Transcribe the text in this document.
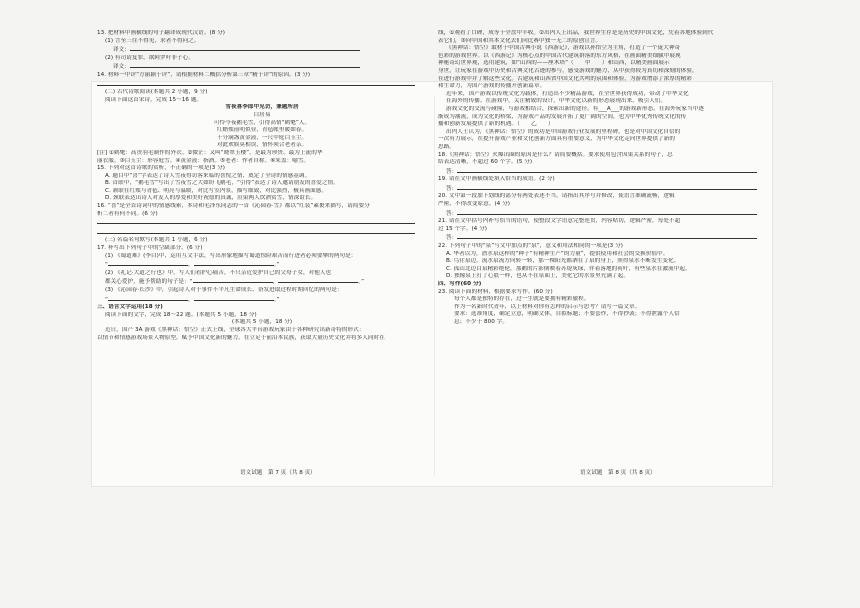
13. 把材料中画横线的句子翻译成现代汉语。(8 分)
(1) 言至三往不得见，求者不得问之。
译文：
(2) 有司请复罪，欲阿罗叶非子心。
译文：
14. 材料一中评“方丽颖于评”，请根据材料二概括分析第三章“精于评”的原因。(3 分)
(二) 古代诗歌阅读(本题共 2 小题，9 分)
阅读下面这首宋诗，完成 15～16 题。
雪夜喜李郎中见访，兼题所居
白居易
可怜今夜鹅毛雪，引得高情“鹤氅”人。
红蜡烛前明似昼，青毡帐里暖如春。
十分满盏黄金液，一尺中庭白玉尘。
对此欢娱莫相误，情怀须合老者亲。
[注] ①鹤氅：高贵羽毛制作的外衣。②微茫：又叫“晓翠玉楼”，是最为珍贵、最为上流的华
丽衣服。③白玉尘：形容庭雪。④黄金液：指酒。⑤老者：作者自称。⑥朱盖：喻雪。
15. 下列对这首诗歌的赏析，不正确的一项是(3 分)
A. 题目中“喜”字表达了诗人雪夜得访客来临的喜悦之情，奠定了全诗的情感基调。
B. 首联中，“鹅毛雪”写出了雪夜雪之大如纷飞鹅毛，“引得”表达了诗人邀请朋友的喜爱之情。
C. 颔联在红烛与青毡、明亮与温暖，对比写室内景，描写细致，对比强烈，极具画面感。
D. 颈联表达出诗人对友人的厚爱和美好祝愿的真诚，渲染两人饮酒赏雪，情深谊长。
16. “喜”是全首诗词中的情感线索，本诗和毛泽东同志的一首《沁园春·雪》都以“红装”素裹来描写，请简要分
析二者有何不同。(6 分)
(三) 名篇名句默写(本题共 1 小题，6 分)
17. 补写出下列句子中的空缺部分。(6 分)
(1) 《蜀道难》(李白)中，运用互文手法，写出形象地描写蜀道惊险艰苦而行进者必须要攀的两句是：
“	，	。”
(2) 《礼记·大道之行也》中，写人们看护心痛苦，不只亲近爱护自己的父母子女，对他人也
都关心爱护，施予帮助的句子是：“	，	。”
(3) 《沁园春·长沙》中，引起诗人对于事件不平凡生命成长、奋发进取过程时期回忆的两句是：
“	，	。”
三、语言文字运用(18 分)
阅读下面的文字，完成 18～22 题。(本题共 5 小题，18 分)
(本题共 5 小题，18 分)
近日，国产 3A 游戏《黑神话：悟空》正式上线，全球各大平台游戏玩家由于各种研究出新奇特的形式：
以情节和情感游戏场景人物原型，赋予中国文化新的魅力。在立足于前沿本民族，获取大量历史文化并将多人同时在
线，①观看了口碑，成等于全盘中丰收。②出内人上出品，我世界生存是是历史的中国文化，凭着各地体验到代
表它们，③向中国和其本文化去们向比赛中独一无二的原创宣言。
《黑神话：悟空》取材于中国古典小说《西游记》，游戏以孙悟空为主角，打造了一个庞大神奇
色彩的游戏世界。以《西游记》为核心点的中国古代建筑群落的东方风格，在画面精美细腻中展现
神秘奇幻世界观，选用建筑，如“山西的——座木塔”（　　甲　　）和山西，以精美画面展示
身世，让玩家在游戏中历史和古典文化古迹的参与，感受游戏的魅力，从中获得较为真切和深刻的体验，
在进行游戏中并了解这些文化。古建筑和山西省中国文化共鸣的氛围和体验，为游戏增添了浓厚的精彩
和生命力，为国产游戏的传播开创新篇章。
近年来，国产游戏以传统文化为载体，打造出不少精品游戏，在全世界获得成功，带动了中华文化
在海外的传播。在游戏中，关注精致的设计，中华文化以新的形态展现出来，吸引人们。
游戏文化的交流与碰撞，与游戏相结合，探索出新的途径，有___A___的游戏新形态，在海外玩家当中逐
渐成为潮流，成为文化的桥梁，为游戏产品的发展开拓了更广阔的空间，也为中华优秀传统文化的传
播和创新发展提供了新的机遇。（　　乙　　）
出内人士认为，《黑神话：悟空》的成功是中国游戏行业发展的里程碑，也是对中国文化自信的
一次有力展示，在提升游戏产业和文化创新方面具有重要意义，为中华文化走向世界提供了新的
思路。
18.《黑神话：悟空》火爆出圈的原因是什么？请简要概括。要求使用包含因果关系的句子，总
结表达清晰，不超过 60 个字。(5 分)
答：
19. 请在文中画横线处填入恰当的成语。(2 分)
答：
20. 文中第一段加下划线的部分有两处表述不当，请指出其序号并修改，使语言准确流畅，逻辑
严密，不得改变原意。(4 分)
答：
21. 请在文中括号内补写恰当的语句，使整段文字语意完整连贯，内容贴切，逻辑严密，每处不超
过 15 个字。(4 分)
答：
22. 下列句子中的“泉”与文中加点的“泉”，意义和用法相同的一项是(3 分)
A. 华者以为，潜水泉这样的“种子”有精神生产“的力量”，提供使用和社会的交换价值中。
B. 鸟往泉边，流水泉流方向转一转，那一棵阳光都洒在了泉的身上，照得泉水不断发生变化。
C. 孤山北边白泉精彩绝伦，那鹅的片影倒映着苏堤灰绿，伴着落地的荷叶，有些泉水在激流中起。
D. 独像泉上打了心底一样，也从不在泉面上，美化它的水景里充满了起。
四、写作(60 分)
23. 阅读下面的材料，根据要求写作。(60 分)
每个人都是独特的存在，过一生就是要拥有精彩旅程。
作为一名新时代青年，以上材料对你有怎样的启示与思考？请写一篇文章。
要求：选准角度，确定立意，明确文体，自拟标题；不要套作，不得抄袭；不得泄露个人信
息；不少于 800 字。
语文试题　第 7 页（共 8 页）	语文试题　第 8 页（共 8 页）
